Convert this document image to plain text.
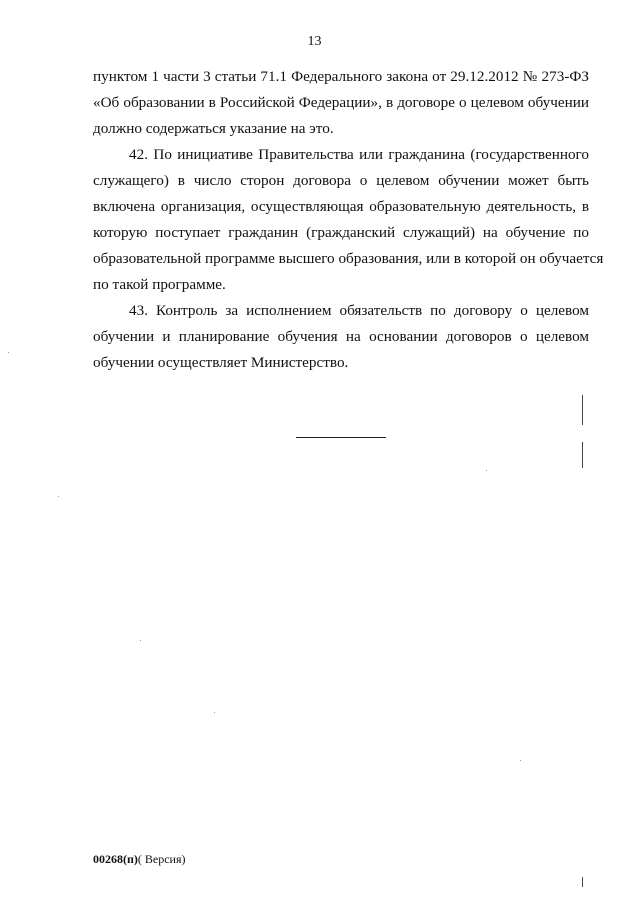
13
пунктом 1 части 3 статьи 71.1 Федерального закона от 29.12.2012 № 273-ФЗ
«Об образовании в Российской Федерации», в договоре о целевом обучении
должно содержаться указание на это.
42. По инициативе Правительства или гражданина (государственного
служащего) в число сторон договора о целевом обучении может быть
включена организация, осуществляющая образовательную деятельность, в
которую поступает гражданин (гражданский служащий) на обучение по
образовательной программе высшего образования, или в которой он обучается
по такой программе.
43. Контроль за исполнением обязательств по договору о целевом
обучении и планирование обучения на основании договоров о целевом
обучении осуществляет Министерство.
00268(п)( Версия)
